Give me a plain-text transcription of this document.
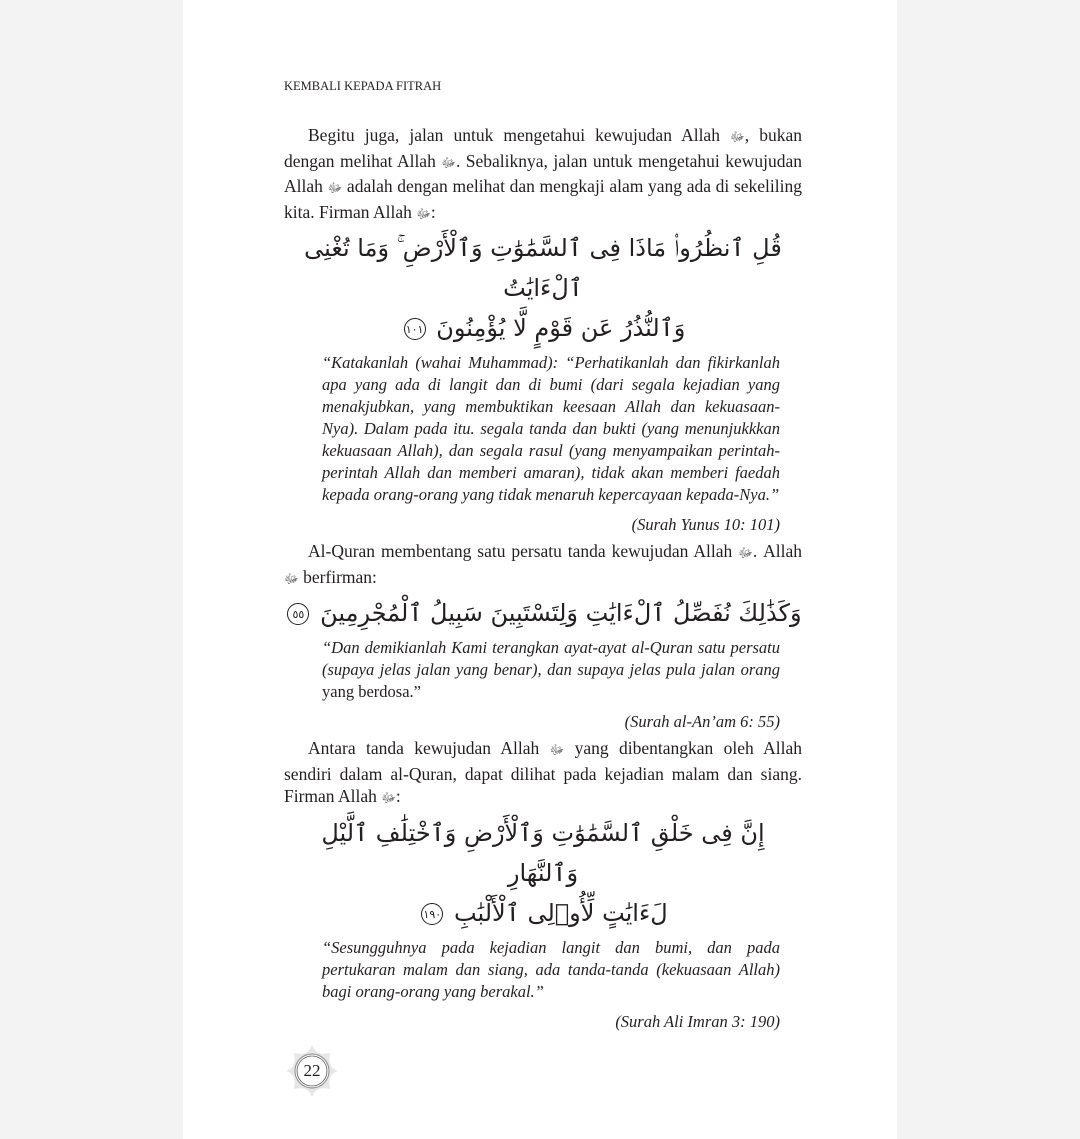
KEMBALI KEPADA FITRAH

Begitu juga, jalan untuk mengetahui kewujudan Allah ﷻ, bukan dengan melihat Allah ﷻ. Sebaliknya, jalan untuk mengetahui kewujudan Allah ﷻ adalah dengan melihat dan mengkaji alam yang ada di sekeliling kita. Firman Allah ﷻ:

قُلِ ٱنظُرُوا۟ مَاذَا فِى ٱلسَّمَٰوَٰتِ وَٱلْأَرْضِ ۚ وَمَا تُغْنِى ٱلْءَايَٰتُ
وَٱلنُّذُرُ عَن قَوْمٍ لَّا يُؤْمِنُونَ ١٠١
“Katakanlah (wahai Muhammad): “Perhatikanlah dan fikirkanlah apa yang ada di langit dan di bumi (dari segala kejadian yang menakjubkan, yang membuktikan keesaan Allah dan kekuasaan-Nya). Dalam pada itu. segala tanda dan bukti (yang menunjukkkan kekuasaan Allah), dan segala rasul (yang menyampaikan perintah-perintah Allah dan memberi amaran), tidak akan memberi faedah kepada orang-orang yang tidak menaruh kepercayaan kepada-Nya.”
(Surah Yunus 10: 101)

Al-Quran membentang satu persatu tanda kewujudan Allah ﷻ. Allah ﷻ berfirman:

وَكَذَٰلِكَ نُفَصِّلُ ٱلْءَايَٰتِ وَلِتَسْتَبِينَ سَبِيلُ ٱلْمُجْرِمِينَ ٥٥
“Dan demikianlah Kami terangkan ayat-ayat al-Quran satu persatu (supaya jelas jalan yang benar), dan supaya jelas pula jalan orang yang berdosa.”
(Surah al-An’am 6: 55)

Antara tanda kewujudan Allah ﷻ yang dibentangkan oleh Allah sendiri dalam al-Quran, dapat dilihat pada kejadian malam dan siang. Firman Allah ﷻ:

إِنَّ فِى خَلْقِ ٱلسَّمَٰوَٰتِ وَٱلْأَرْضِ وَٱخْتِلَٰفِ ٱلَّيْلِ وَٱلنَّهَارِ
لَءَايَٰتٍ لِّأُو۟لِى ٱلْأَلْبَٰبِ ١٩٠
“Sesungguhnya pada kejadian langit dan bumi, dan pada pertukaran malam dan siang, ada tanda-tanda (kekuasaan Allah) bagi orang-orang yang berakal.”
(Surah Ali Imran 3: 190)
22
